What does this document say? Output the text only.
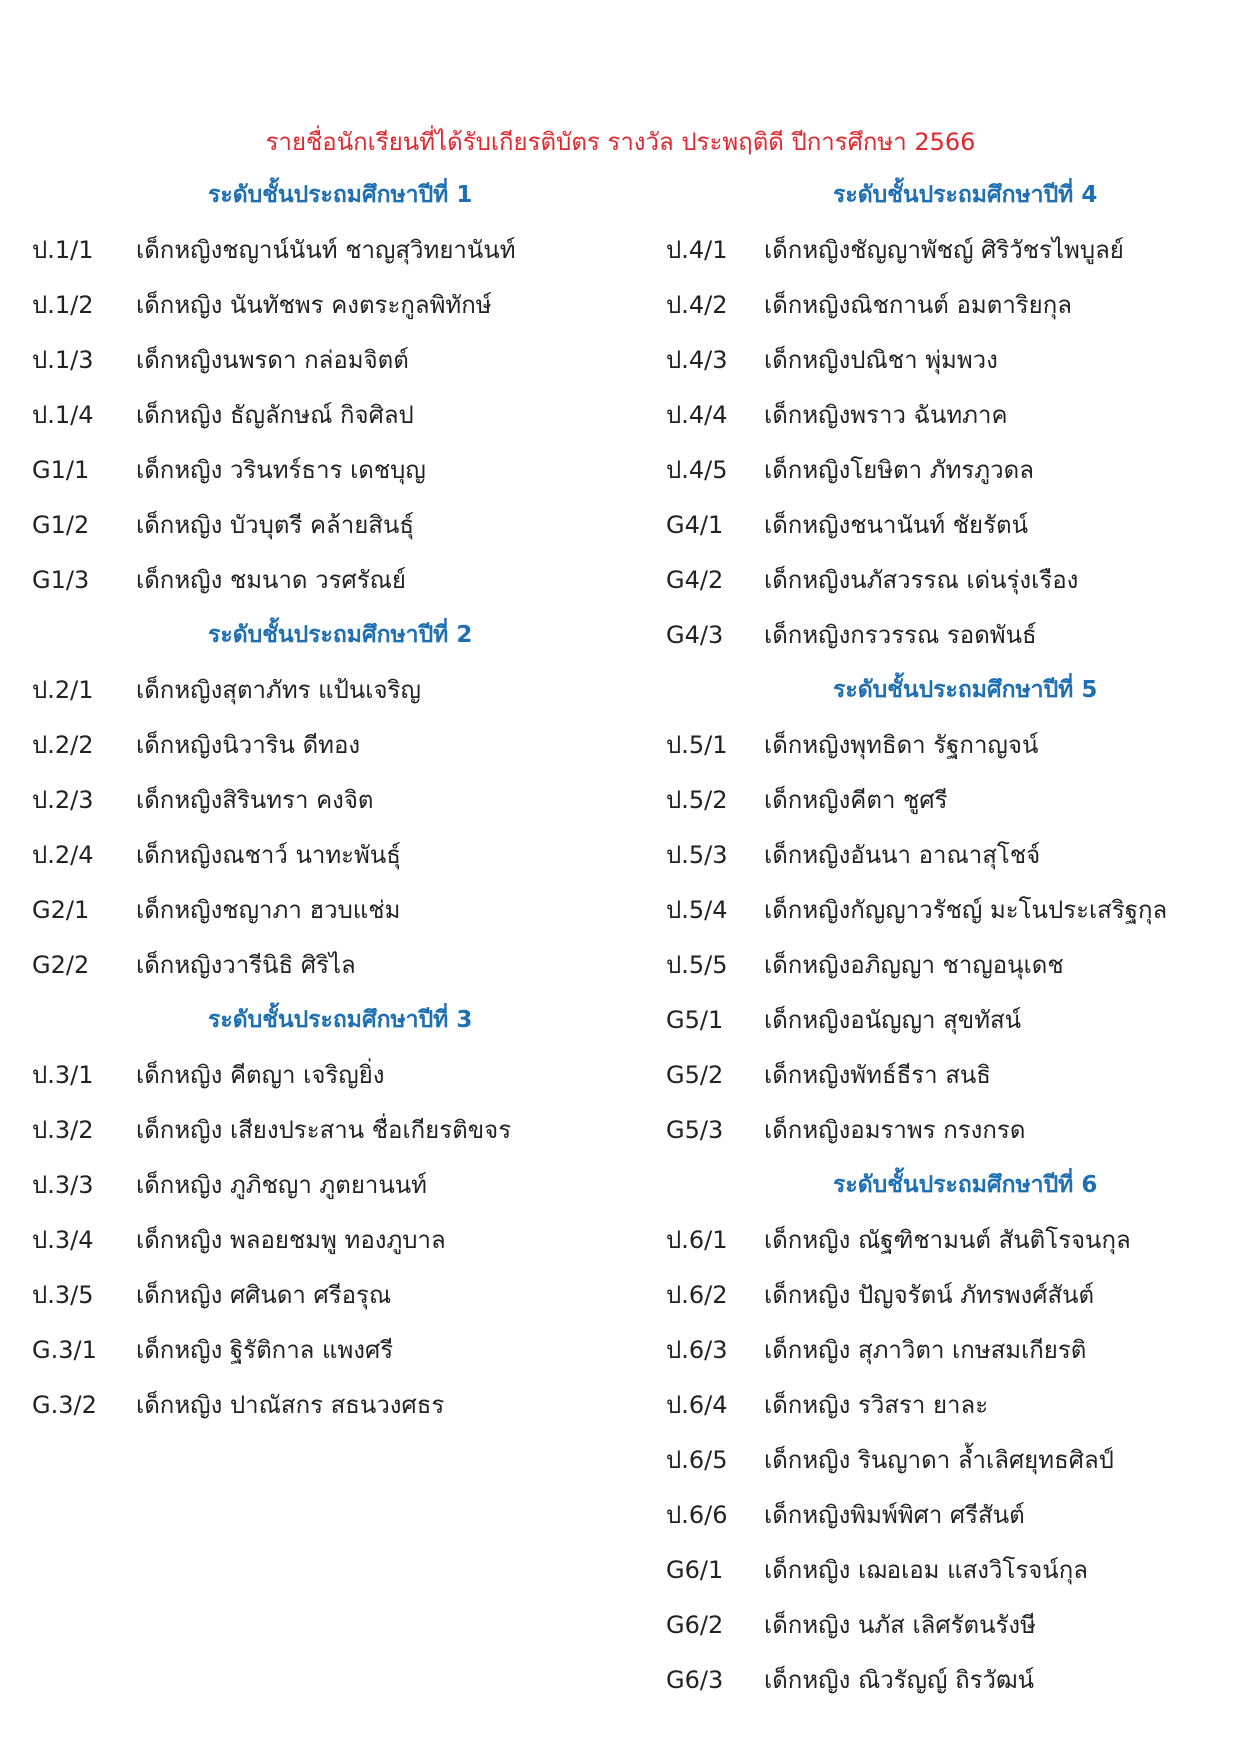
รายชื่อนักเรียนที่ได้รับเกียรติบัตร รางวัล ประพฤติดี ปีการศึกษา 2566
ระดับชั้นประถมศึกษาปีที่ 1
ป.1/1 เด็กหญิงชญาน์นันท์ ชาญสุวิทยานันท์
ป.1/2 เด็กหญิง นันทัชพร คงตระกูลพิทักษ์
ป.1/3 เด็กหญิงนพรดา กล่อมจิตต์
ป.1/4 เด็กหญิง ธัญลักษณ์ กิจศิลป
G1/1 เด็กหญิง วรินทร์ธาร เดชบุญ
G1/2 เด็กหญิง บัวบุตรี คล้ายสินธุ์
G1/3 เด็กหญิง ชมนาด วรศรัณย์
ระดับชั้นประถมศึกษาปีที่ 2
ป.2/1 เด็กหญิงสุตาภัทร แป้นเจริญ
ป.2/2 เด็กหญิงนิวาริน ดีทอง
ป.2/3 เด็กหญิงสิรินทรา คงจิต
ป.2/4 เด็กหญิงณชาว์ นาทะพันธุ์
G2/1 เด็กหญิงชญาภา ฮวบแช่ม
G2/2 เด็กหญิงวารีนิธิ ศิริไล
ระดับชั้นประถมศึกษาปีที่ 3
ป.3/1 เด็กหญิง คีตญา เจริญยิ่ง
ป.3/2 เด็กหญิง เสียงประสาน ชื่อเกียรติขจร
ป.3/3 เด็กหญิง ภูภิชญา ภูตยานนท์
ป.3/4 เด็กหญิง พลอยชมพู ทองภูบาล
ป.3/5 เด็กหญิง ศศินดา ศรีอรุณ
G.3/1 เด็กหญิง ฐิรัติกาล แพงศรี
G.3/2 เด็กหญิง ปาณัสกร สธนวงศธร
ระดับชั้นประถมศึกษาปีที่ 4
ป.4/1 เด็กหญิงชัญญาพัชญ์ ศิริวัชรไพบูลย์
ป.4/2 เด็กหญิงณิชกานต์ อมตาริยกุล
ป.4/3 เด็กหญิงปณิชา พุ่มพวง
ป.4/4 เด็กหญิงพราว ฉันทภาค
ป.4/5 เด็กหญิงโยษิตา ภัทรภูวดล
G4/1 เด็กหญิงชนานันท์ ชัยรัตน์
G4/2 เด็กหญิงนภัสวรรณ เด่นรุ่งเรือง
G4/3 เด็กหญิงกรวรรณ รอดพันธ์
ระดับชั้นประถมศึกษาปีที่ 5
ป.5/1 เด็กหญิงพุทธิดา รัฐกาญจน์
ป.5/2 เด็กหญิงคีตา ชูศรี
ป.5/3 เด็กหญิงอันนา อาณาสุโชจ์
ป.5/4 เด็กหญิงกัญญาวรัชญ์ มะโนประเสริฐกุล
ป.5/5 เด็กหญิงอภิญญา ชาญอนุเดช
G5/1 เด็กหญิงอนัญญา สุขทัสน์
G5/2 เด็กหญิงพัทธ์ธีรา สนธิ
G5/3 เด็กหญิงอมราพร กรงกรด
ระดับชั้นประถมศึกษาปีที่ 6
ป.6/1 เด็กหญิง ณัฐฑิชามนต์ สันติโรจนกุล
ป.6/2 เด็กหญิง ปัญจรัตน์ ภัทรพงศ์สันต์
ป.6/3 เด็กหญิง สุภาวิตา เกษสมเกียรติ
ป.6/4 เด็กหญิง รวิสรา ยาละ
ป.6/5 เด็กหญิง รินญาดา ล้ำเลิศยุทธศิลป์
ป.6/6 เด็กหญิงพิมพ์พิศา ศรีสันต์
G6/1 เด็กหญิง เฌอเอม แสงวิโรจน์กุล
G6/2 เด็กหญิง นภัส เลิศรัตนรังษี
G6/3 เด็กหญิง ณิวรัญญ์ ถิรวัฒน์
